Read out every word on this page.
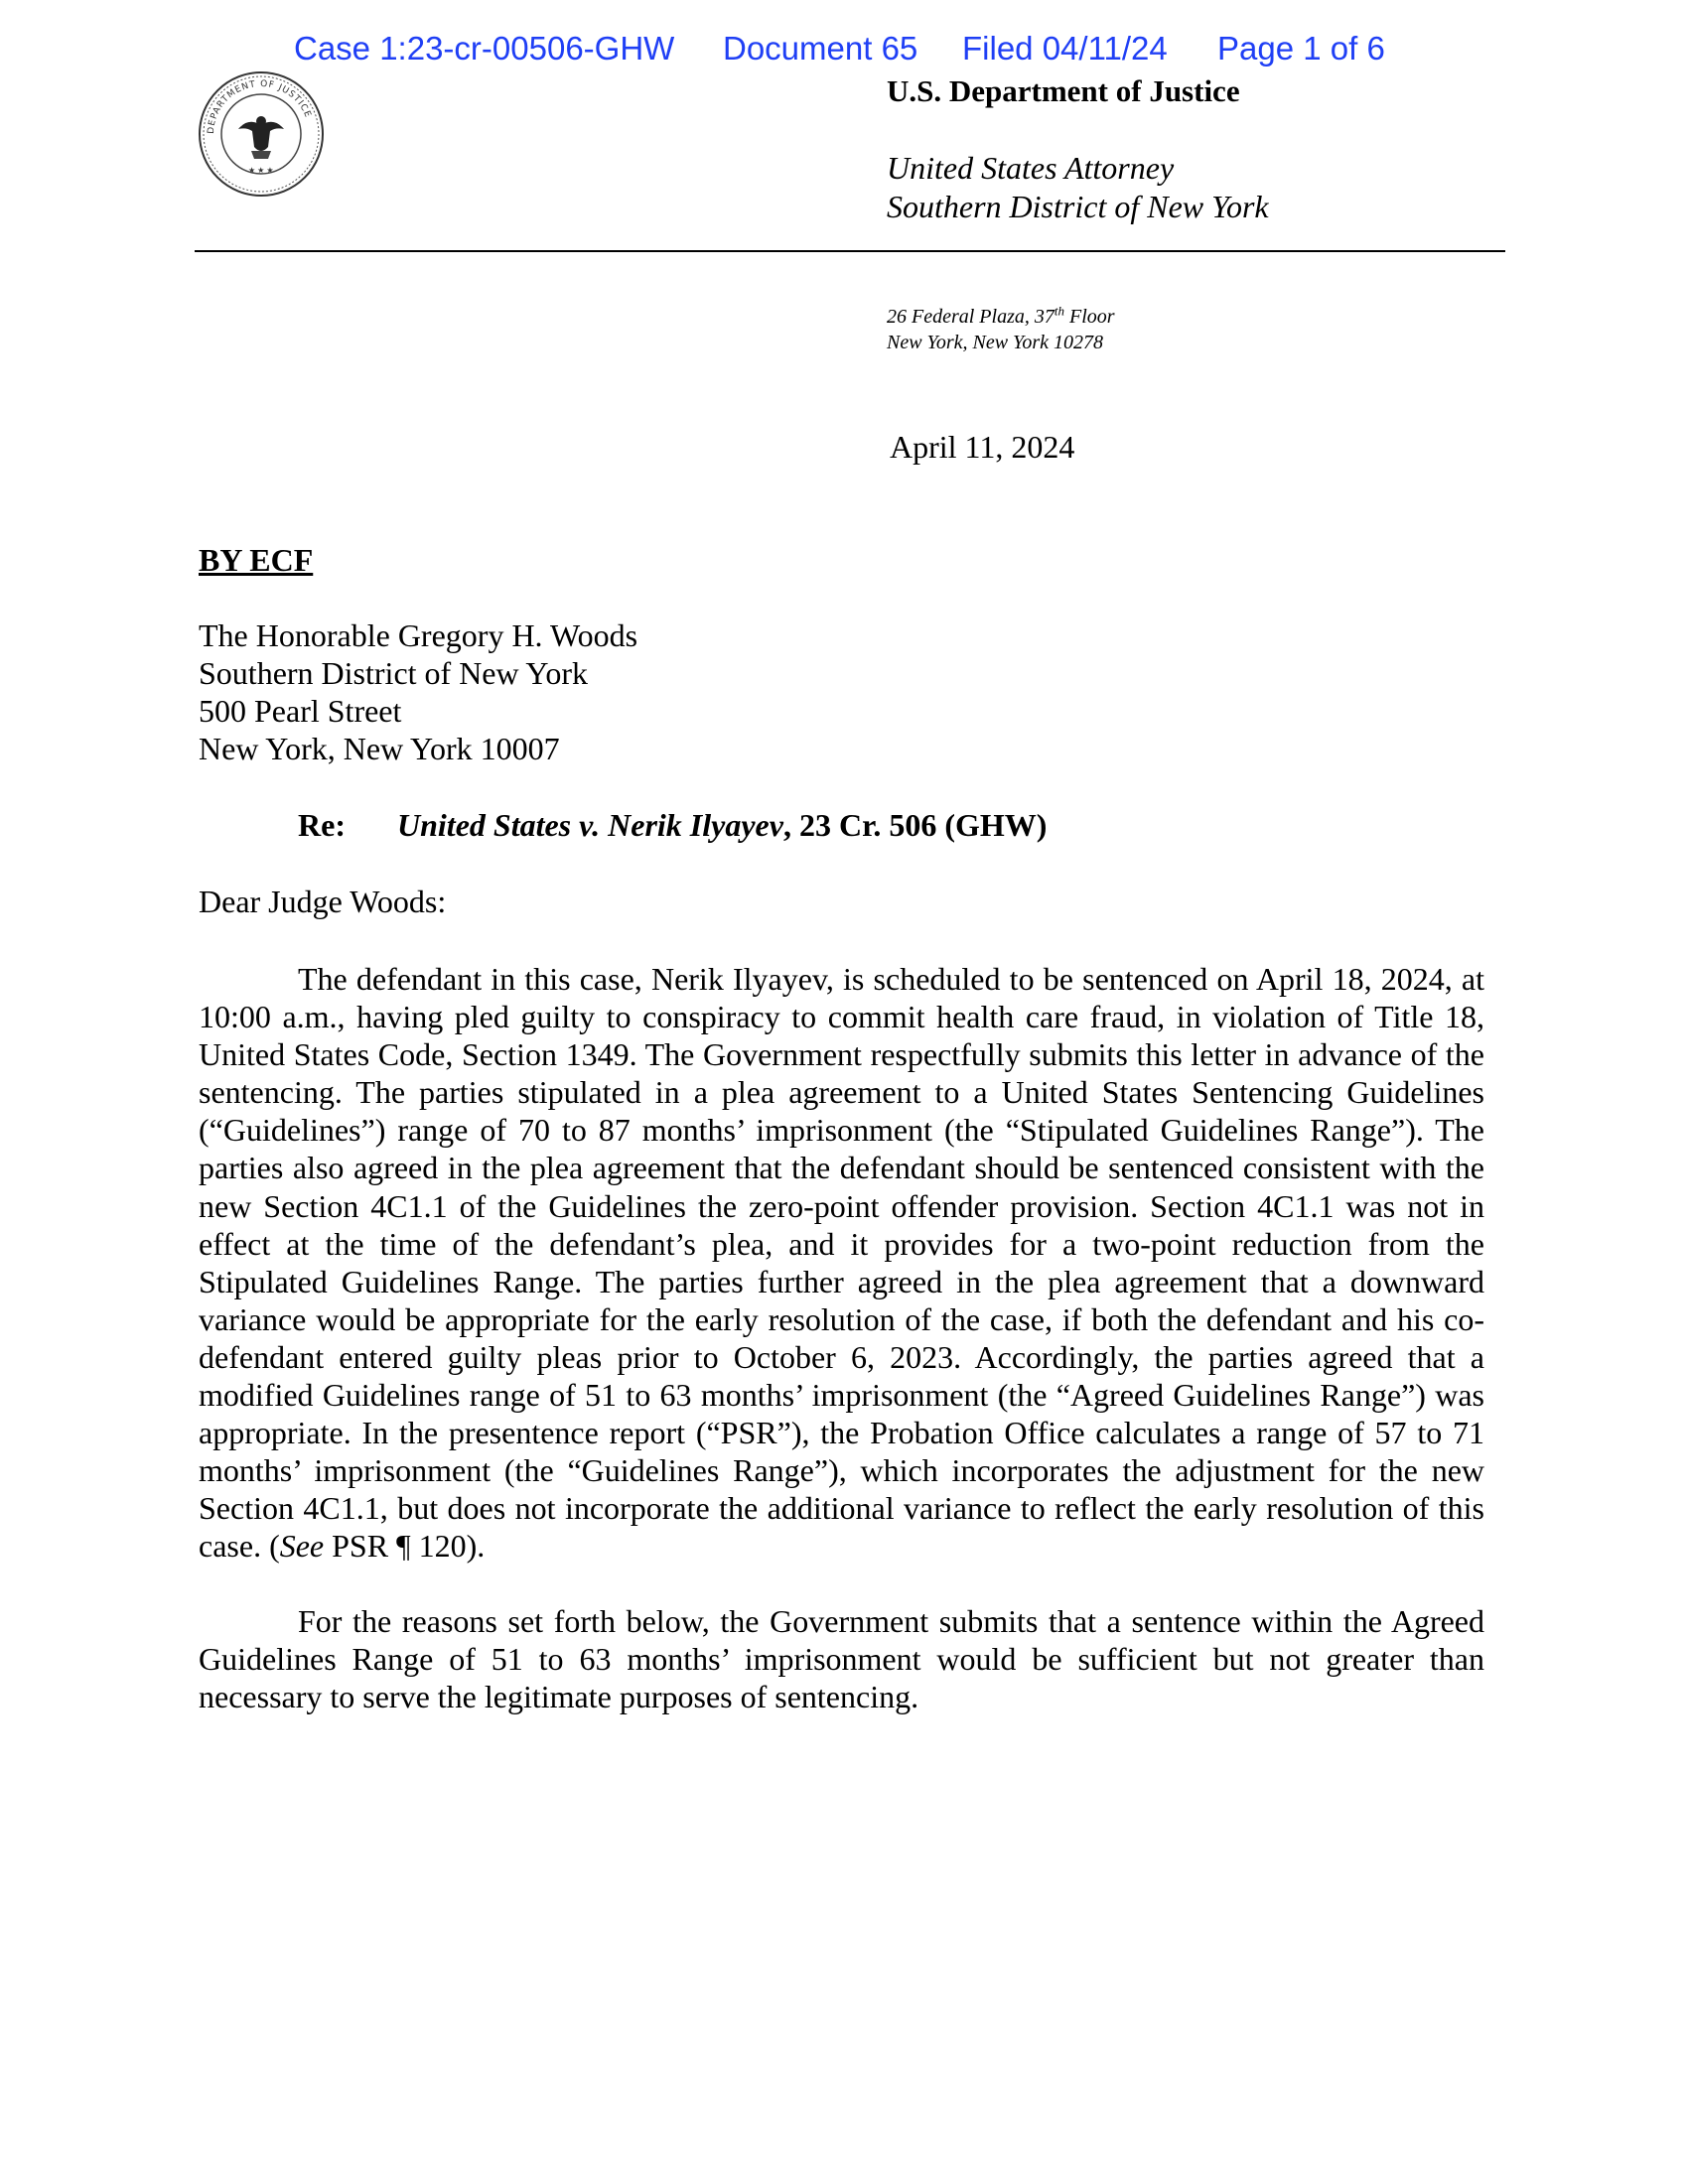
Case 1:23-cr-00506-GHW Document 65 Filed 04/11/24 Page 1 of 6
DEPARTMENT OF JUSTICE
★ ★ ★
U.S. Department of Justice
United States Attorney
Southern District of New York
26 Federal Plaza, 37th Floor
New York, New York 10278
April 11, 2024
BY ECF
The Honorable Gregory H. Woods
Southern District of New York
500 Pearl Street
New York, New York 10007
Re: United States v. Nerik Ilyayev, 23 Cr. 506 (GHW)
Dear Judge Woods:

The defendant in this case, Nerik Ilyayev, is scheduled to be sentenced on April 18, 2024, at 10:00 a.m., having pled guilty to conspiracy to commit health care fraud, in violation of Title 18, United States Code, Section 1349. The Government respectfully submits this letter in advance of the sentencing. The parties stipulated in a plea agreement to a United States Sentencing Guidelines (“Guidelines”) range of 70 to 87 months’ imprisonment (the “Stipulated Guidelines Range”). The parties also agreed in the plea agreement that the defendant should be sentenced consistent with the new Section 4C1.1 of the Guidelines the zero-point offender provision. Section 4C1.1 was not in effect at the time of the defendant’s plea, and it provides for a two-point reduction from the Stipulated Guidelines Range. The parties further agreed in the plea agreement that a downward variance would be appropriate for the early resolution of the case, if both the defendant and his co-defendant entered guilty pleas prior to October 6, 2023. Accordingly, the parties agreed that a modified Guidelines range of 51 to 63 months’ imprisonment (the “Agreed Guidelines Range”) was appropriate. In the presentence report (“PSR”), the Probation Office calculates a range of 57 to 71 months’ imprisonment (the “Guidelines Range”), which incorporates the adjustment for the new Section 4C1.1, but does not incorporate the additional variance to reflect the early resolution of this case. (See PSR ¶ 120).

For the reasons set forth below, the Government submits that a sentence within the Agreed Guidelines Range of 51 to 63 months’ imprisonment would be sufficient but not greater than necessary to serve the legitimate purposes of sentencing.
